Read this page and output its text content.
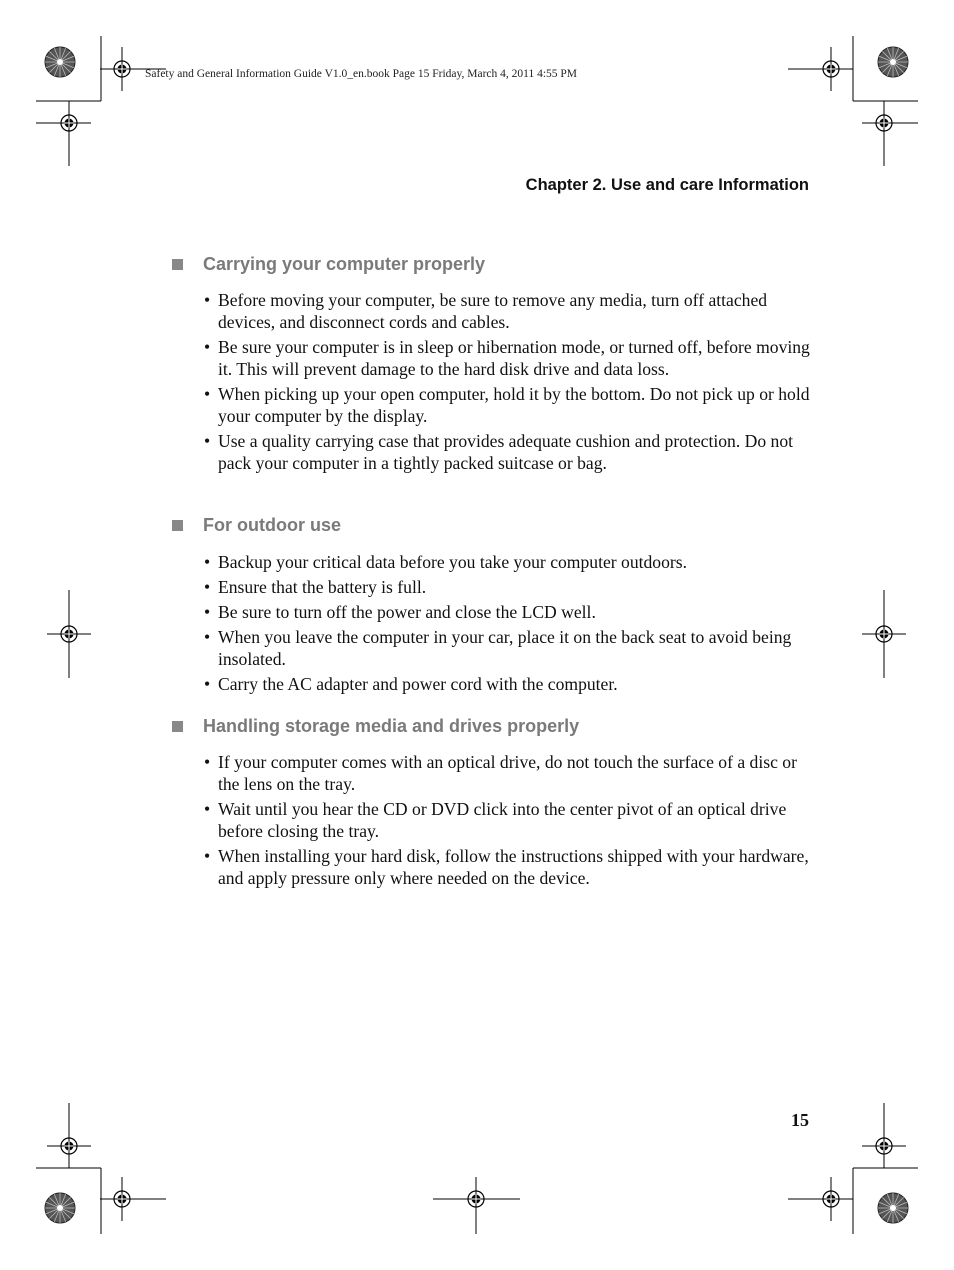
Safety and General Information Guide V1.0_en.book Page 15 Friday, March 4, 2011 4:55 PM
Chapter 2. Use and care Information
Carrying your computer properly
• Before moving your computer, be sure to remove any media, turn off attached devices, and disconnect cords and cables.
• Be sure your computer is in sleep or hibernation mode, or turned off, before moving it. This will prevent damage to the hard disk drive and data loss.
• When picking up your open computer, hold it by the bottom. Do not pick up or hold your computer by the display.
• Use a quality carrying case that provides adequate cushion and protection. Do not pack your computer in a tightly packed suitcase or bag.
For outdoor use
• Backup your critical data before you take your computer outdoors.
• Ensure that the battery is full.
• Be sure to turn off the power and close the LCD well.
• When you leave the computer in your car, place it on the back seat to avoid being insolated.
• Carry the AC adapter and power cord with the computer.
Handling storage media and drives properly
• If your computer comes with an optical drive, do not touch the surface of a disc or the lens on the tray.
• Wait until you hear the CD or DVD click into the center pivot of an optical drive before closing the tray.
• When installing your hard disk, follow the instructions shipped with your hardware, and apply pressure only where needed on the device.
15
